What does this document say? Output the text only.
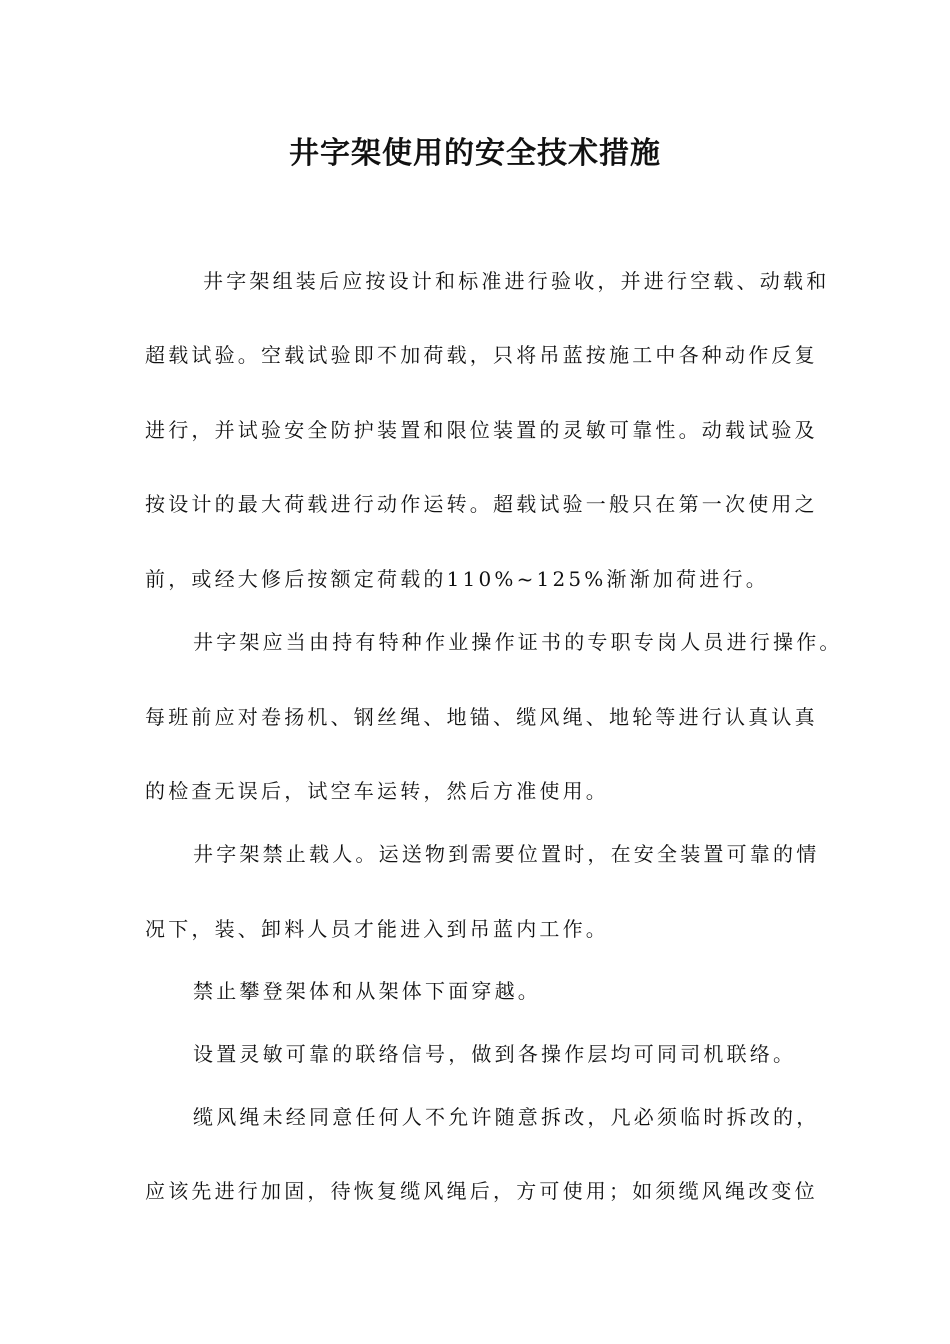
井字架使用的安全技术措施
井字架组装后应按设计和标准进行验收，并进行空载、动载和
超载试验。空载试验即不加荷载，只将吊蓝按施工中各种动作反复
进行，并试验安全防护装置和限位装置的灵敏可靠性。动载试验及
按设计的最大荷载进行动作运转。超载试验一般只在第一次使用之
前，或经大修后按额定荷载的110%~125%渐渐加荷进行。
井字架应当由持有特种作业操作证书的专职专岗人员进行操作。
每班前应对卷扬机、钢丝绳、地锚、缆风绳、地轮等进行认真认真
的检查无误后，试空车运转，然后方准使用。
井字架禁止载人。运送物到需要位置时，在安全装置可靠的情
况下，装、卸料人员才能进入到吊蓝内工作。
禁止攀登架体和从架体下面穿越。
设置灵敏可靠的联络信号，做到各操作层均可同司机联络。
缆风绳未经同意任何人不允许随意拆改，凡必须临时拆改的，
应该先进行加固，待恢复缆风绳后，方可使用；如须缆风绳改变位
